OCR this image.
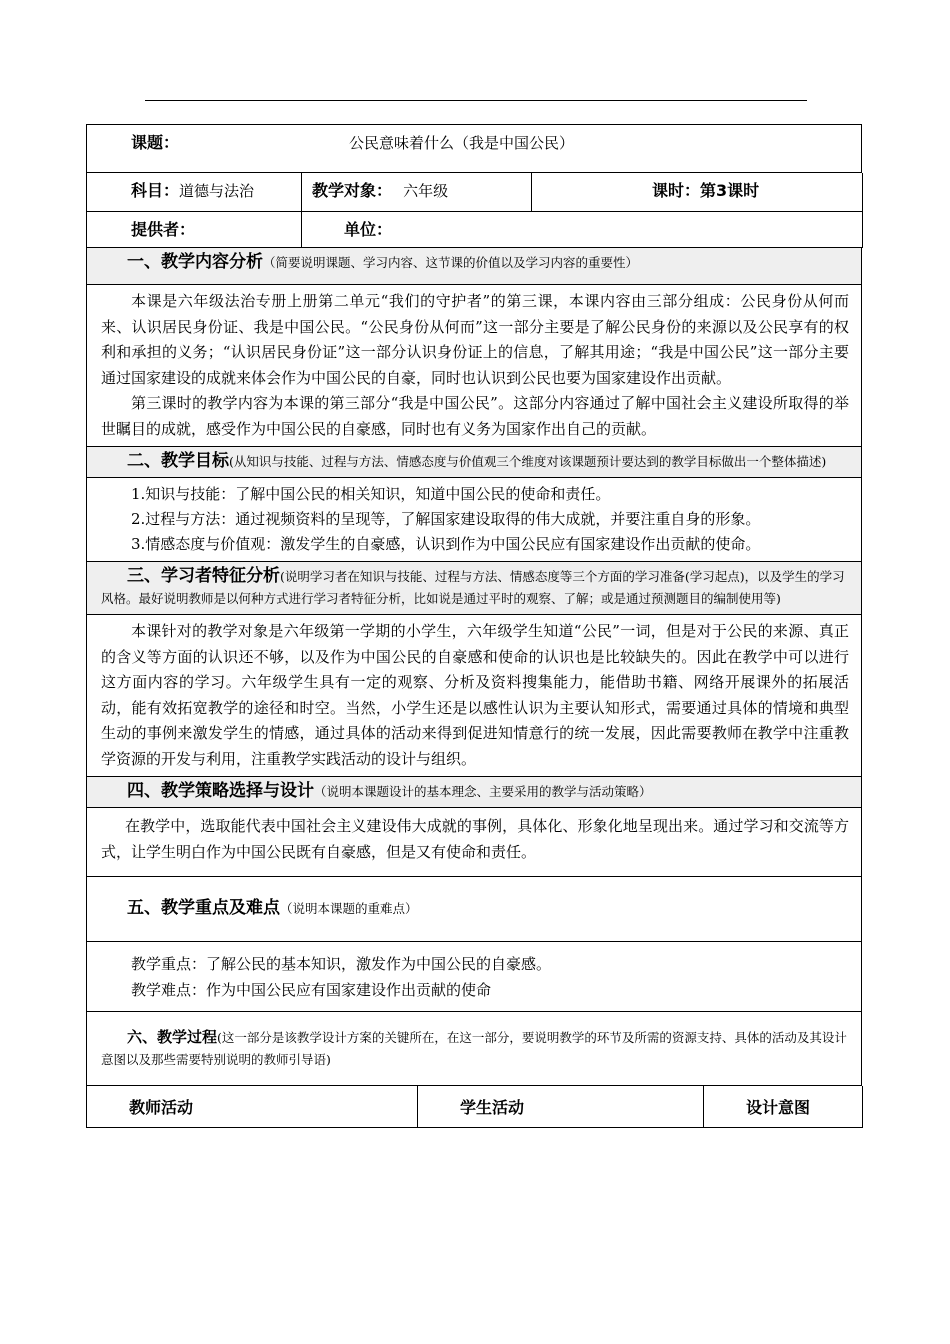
课题：	公民意味着什么（我是中国公民）
科目：道德与法治	教学对象： 六年级	课时：第3课时
提供者：	单位：
一、教学内容分析（简要说明课题、学习内容、这节课的价值以及学习内容的重要性）

本课是六年级法治专册上册第二单元“我们的守护者”的第三课，本课内容由三部分组成：公民身份从何而来、认识居民身份证、我是中国公民。“公民身份从何而”这一部分主要是了解公民身份的来源以及公民享有的权利和承担的义务；“认识居民身份证”这一部分认识身份证上的信息，了解其用途；“我是中国公民”这一部分主要通过国家建设的成就来体会作为中国公民的自豪，同时也认识到公民也要为国家建设作出贡献。

第三课时的教学内容为本课的第三部分“我是中国公民”。这部分内容通过了解中国社会主义建设所取得的举世瞩目的成就，感受作为中国公民的自豪感，同时也有义务为国家作出自己的贡献。

二、教学目标(从知识与技能、过程与方法、情感态度与价值观三个维度对该课题预计要达到的教学目标做出一个整体描述)

1.知识与技能：了解中国公民的相关知识，知道中国公民的使命和责任。
2.过程与方法：通过视频资料的呈现等，了解国家建设取得的伟大成就，并要注重自身的形象。
3.情感态度与价值观：激发学生的自豪感，认识到作为中国公民应有国家建设作出贡献的使命。

三、学习者特征分析(说明学习者在知识与技能、过程与方法、情感态度等三个方面的学习准备(学习起点)，以及学生的学习风格。最好说明教师是以何种方式进行学习者特征分析，比如说是通过平时的观察、了解；或是通过预测题目的编制使用等)

本课针对的教学对象是六年级第一学期的小学生，六年级学生知道“公民”一词，但是对于公民的来源、真正的含义等方面的认识还不够，以及作为中国公民的自豪感和使命的认识也是比较缺失的。因此在教学中可以进行这方面内容的学习。六年级学生具有一定的观察、分析及资料搜集能力，能借助书籍、网络开展课外的拓展活动，能有效拓宽教学的途径和时空。当然，小学生还是以感性认识为主要认知形式，需要通过具体的情境和典型生动的事例来激发学生的情感，通过具体的活动来得到促进知情意行的统一发展，因此需要教师在教学中注重教学资源的开发与利用，注重教学实践活动的设计与组织。

四、教学策略选择与设计（说明本课题设计的基本理念、主要采用的教学与活动策略）

在教学中，选取能代表中国社会主义建设伟大成就的事例，具体化、形象化地呈现出来。通过学习和交流等方式，让学生明白作为中国公民既有自豪感，但是又有使命和责任。

五、教学重点及难点（说明本课题的重难点）

教学重点：了解公民的基本知识，激发作为中国公民的自豪感。
教学难点：作为中国公民应有国家建设作出贡献的使命

六、教学过程(这一部分是该教学设计方案的关键所在，在这一部分，要说明教学的环节及所需的资源支持、具体的活动及其设计意图以及那些需要特别说明的教师引导语)
教师活动	学生活动	设计意图
